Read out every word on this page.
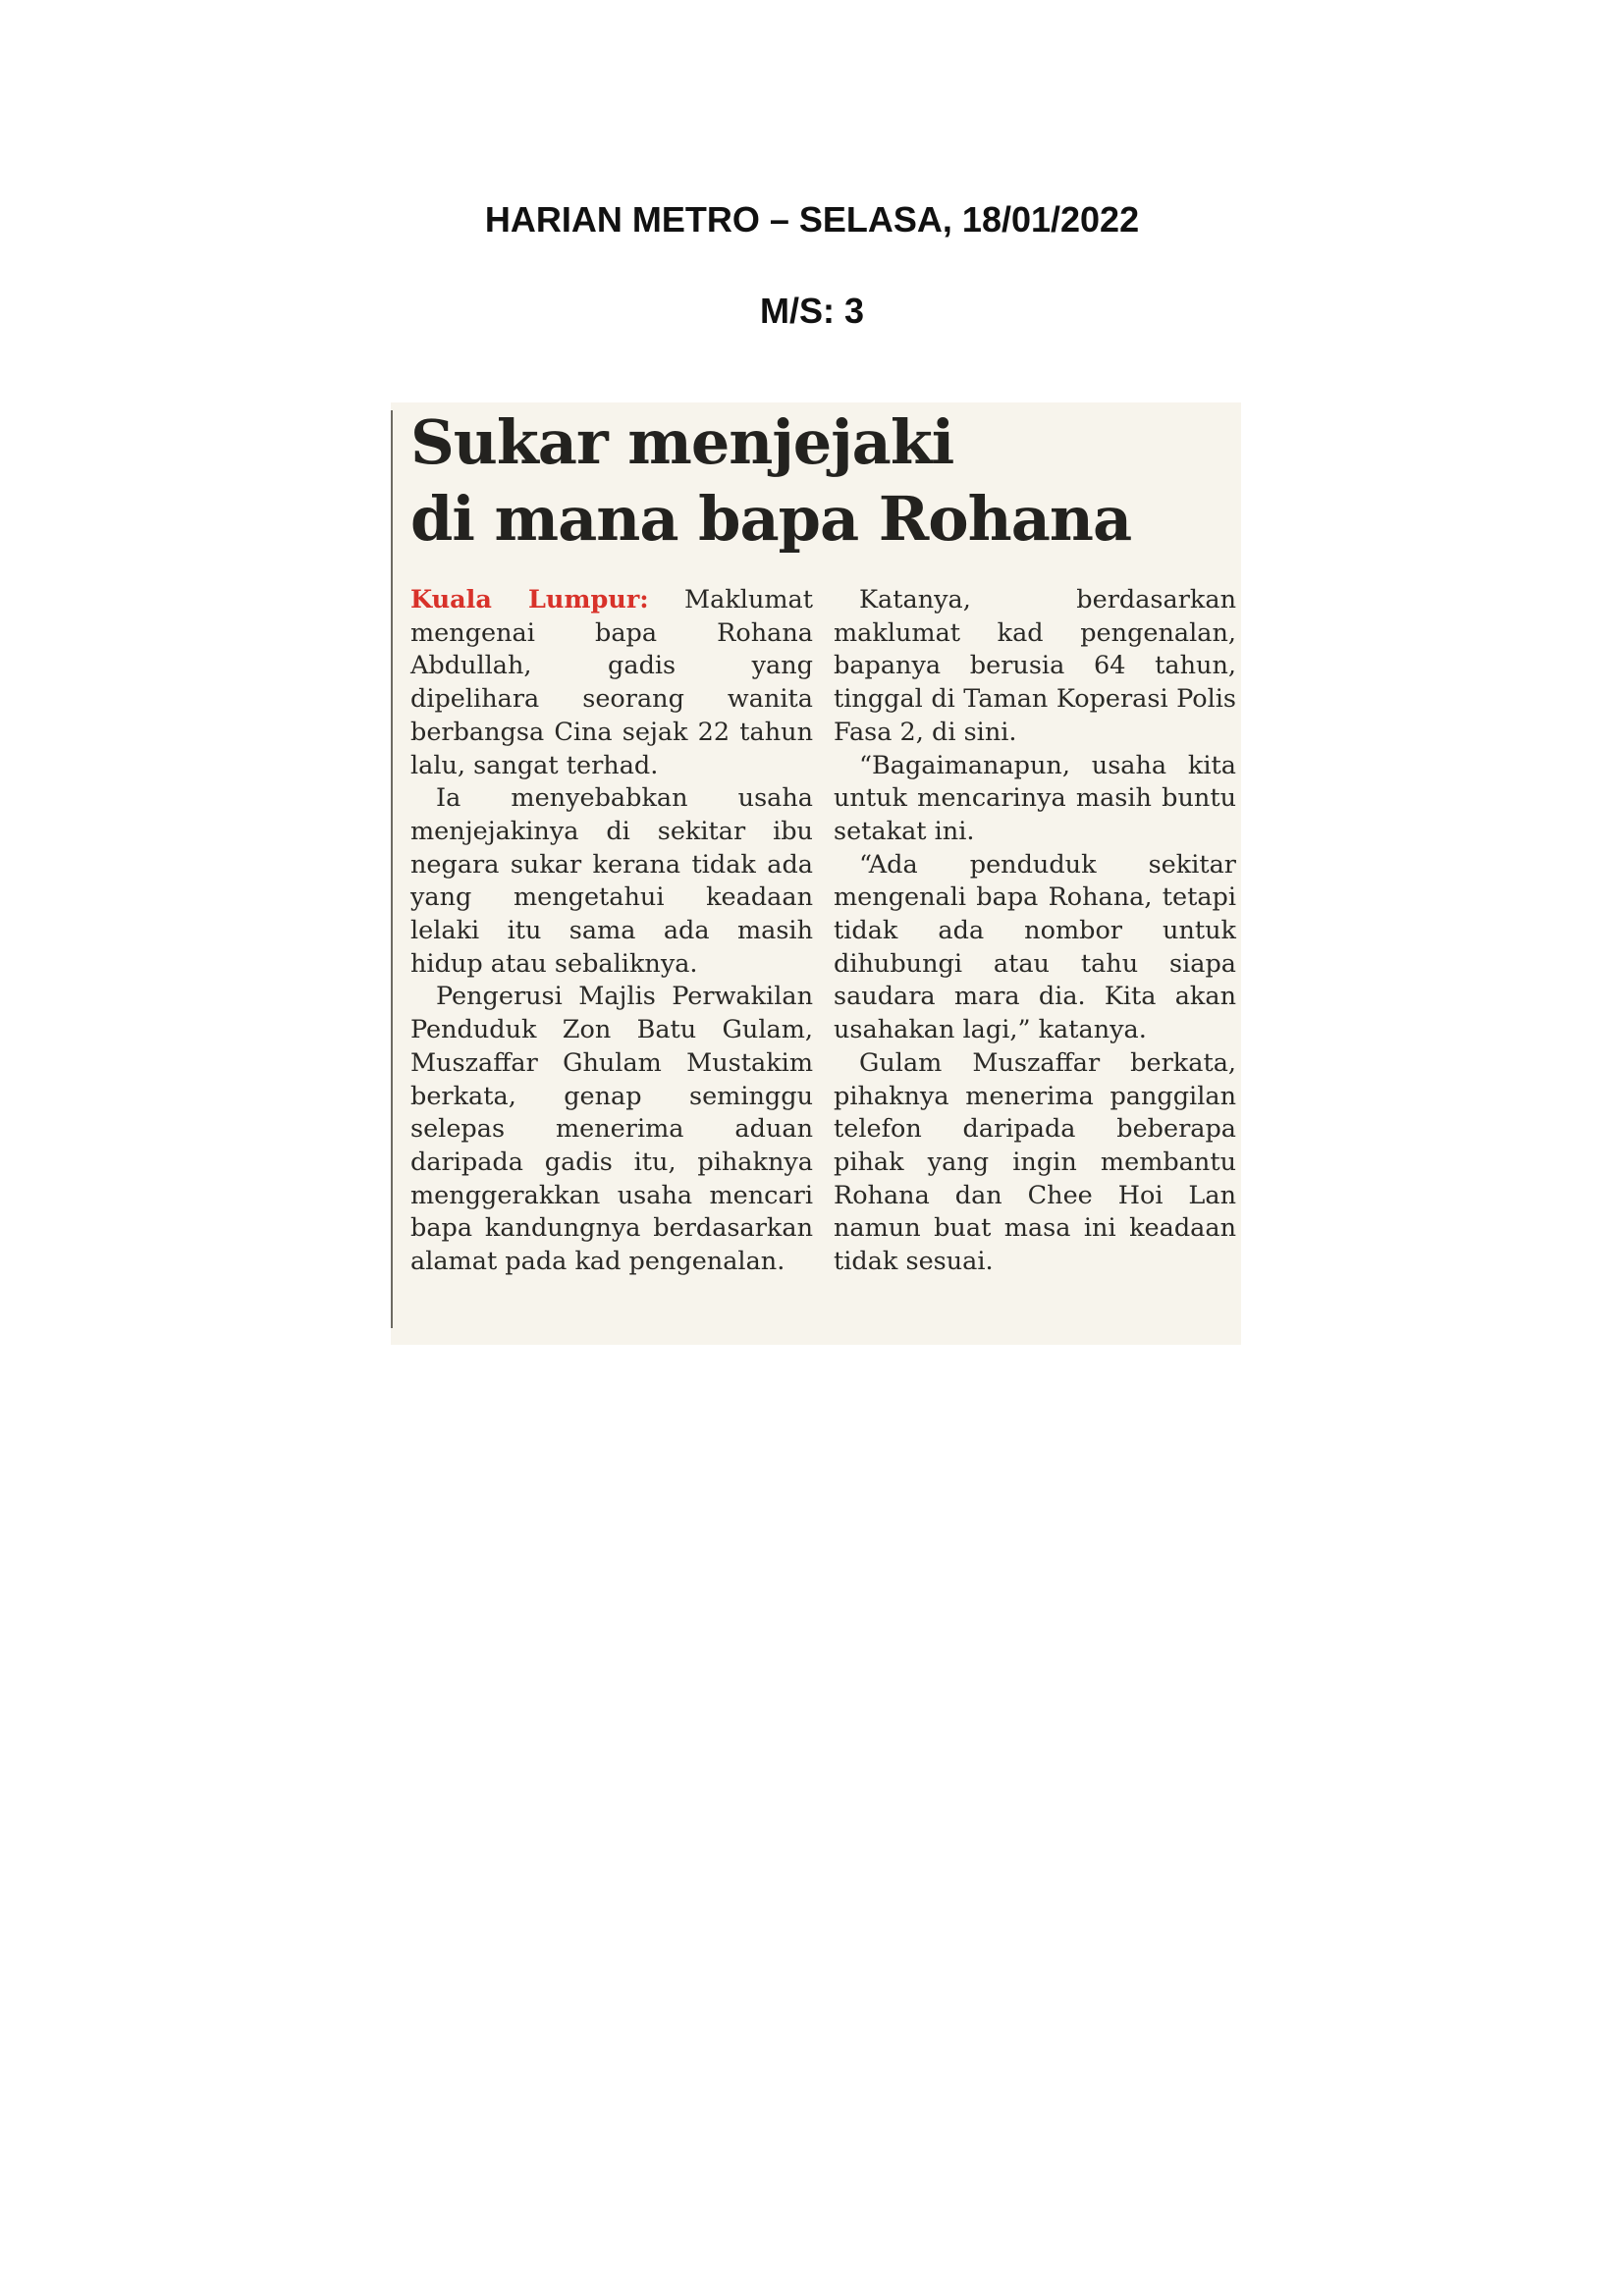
HARIAN METRO – SELASA, 18/01/2022
M/S: 3
Sukar menjejaki
di mana bapa Rohana

Kuala Lumpur: Maklumat mengenai bapa Rohana Abdullah, gadis yang dipelihara seorang wanita berbangsa Cina sejak 22 tahun lalu, sangat terhad.

Ia menyebabkan usaha menjejakinya di sekitar ibu negara sukar kerana tidak ada yang mengetahui keadaan lelaki itu sama ada masih hidup atau sebaliknya.

Pengerusi Majlis Perwakilan Penduduk Zon Batu Gulam, Muszaffar Ghulam Mustakim berkata, genap seminggu selepas menerima aduan daripada gadis itu, pihaknya menggerakkan usaha mencari bapa kandungnya berdasarkan alamat pada kad pengenalan.

Katanya, berdasarkan maklumat kad pengenalan, bapanya berusia 64 tahun, tinggal di Taman Koperasi Polis Fasa 2, di sini.

“Bagaimanapun, usaha kita untuk mencarinya masih buntu setakat ini.

“Ada penduduk sekitar mengenali bapa Rohana, tetapi tidak ada nombor untuk dihubungi atau tahu siapa saudara mara dia. Kita akan usahakan lagi,” katanya.

Gulam Muszaffar berkata, pihaknya menerima panggilan telefon daripada beberapa pihak yang ingin membantu Rohana dan Chee Hoi Lan namun buat masa ini keadaan tidak sesuai.
